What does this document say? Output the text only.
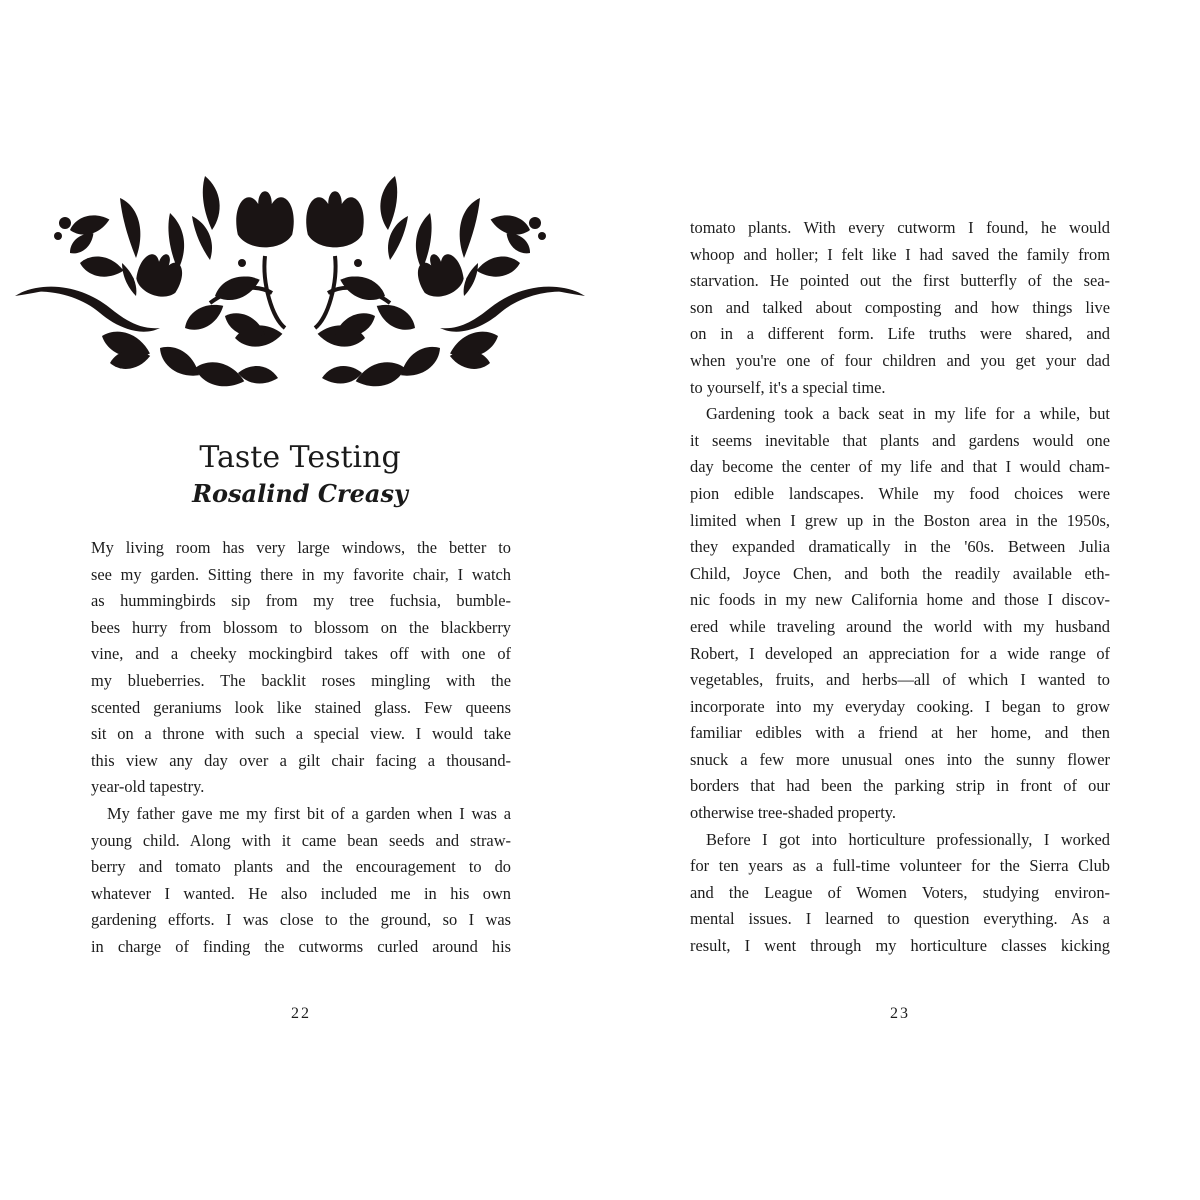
Taste Testing
Rosalind Creasy
My living room has very large windows, the better to
see my garden. Sitting there in my favorite chair, I watch
as hummingbirds sip from my tree fuchsia, bumble-
bees hurry from blossom to blossom on the blackberry
vine, and a cheeky mockingbird takes off with one of
my blueberries. The backlit roses mingling with the
scented geraniums look like stained glass. Few queens
sit on a throne with such a special view. I would take
this view any day over a gilt chair facing a thousand-
year-old tapestry.
My father gave me my first bit of a garden when I was a
young child. Along with it came bean seeds and straw-
berry and tomato plants and the encouragement to do
whatever I wanted. He also included me in his own
gardening efforts. I was close to the ground, so I was
in charge of finding the cutworms curled around his
22
tomato plants. With every cutworm I found, he would
whoop and holler; I felt like I had saved the family from
starvation. He pointed out the first butterfly of the sea-
son and talked about composting and how things live
on in a different form. Life truths were shared, and
when you're one of four children and you get your dad
to yourself, it's a special time.
Gardening took a back seat in my life for a while, but
it seems inevitable that plants and gardens would one
day become the center of my life and that I would cham-
pion edible landscapes. While my food choices were
limited when I grew up in the Boston area in the 1950s,
they expanded dramatically in the '60s. Between Julia
Child, Joyce Chen, and both the readily available eth-
nic foods in my new California home and those I discov-
ered while traveling around the world with my husband
Robert, I developed an appreciation for a wide range of
vegetables, fruits, and herbs—all of which I wanted to
incorporate into my everyday cooking. I began to grow
familiar edibles with a friend at her home, and then
snuck a few more unusual ones into the sunny flower
borders that had been the parking strip in front of our
otherwise tree-shaded property.
Before I got into horticulture professionally, I worked
for ten years as a full-time volunteer for the Sierra Club
and the League of Women Voters, studying environ-
mental issues. I learned to question everything. As a
result, I went through my horticulture classes kicking
23
